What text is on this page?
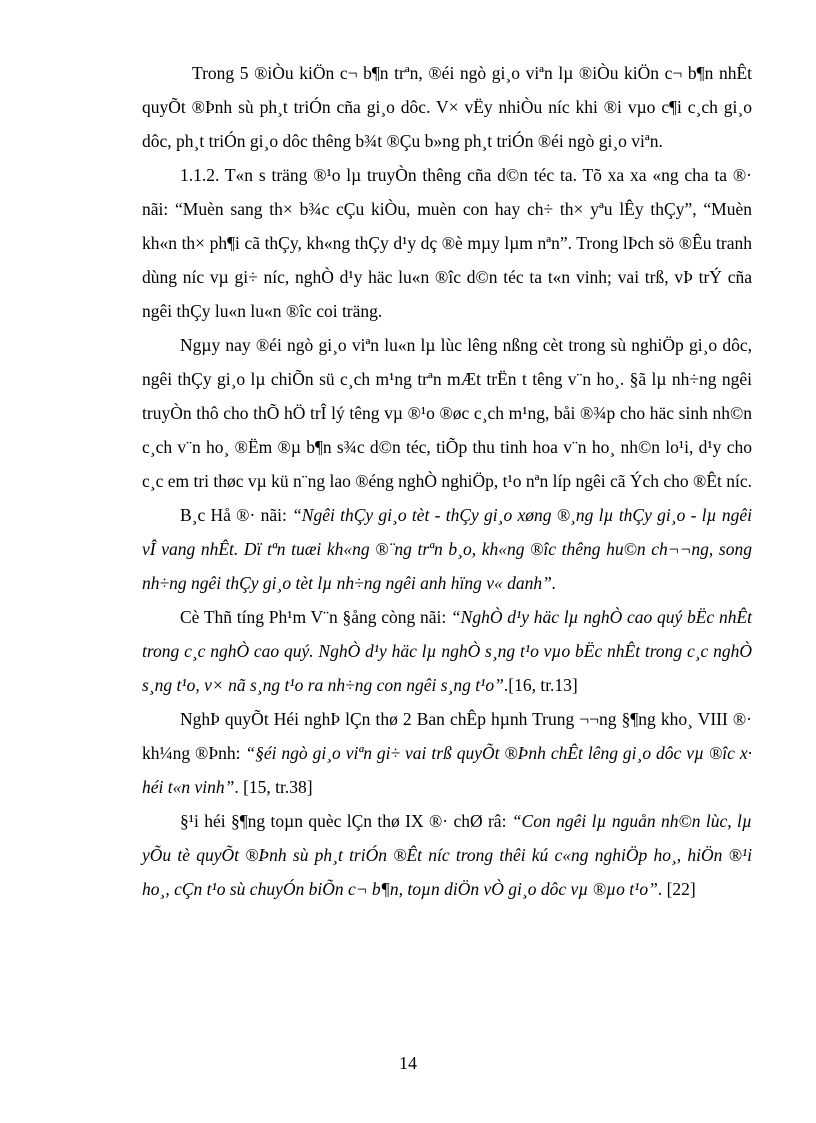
Trong 5 ®iÒu kiÖn c¬ b¶n trªn, ®éi ngò gi¸o viªn lµ ®iÒu kiÖn c¬ b¶n nhÊt quyÕt ®Þnh sù ph¸t triÓn cña gi¸o dôc. V× vËy nhiÒu níc khi ®i vµo c¶i c¸ch gi¸o dôc, ph¸t triÓn gi¸o dôc thêng b¾t ®Çu b»ng ph¸t triÓn ®éi ngò gi¸o viªn.

1.1.2. T«n s träng ®¹o lµ truyÒn thêng cña d©n téc ta. Tõ xa xa «ng cha ta ®· nãi: “Muèn sang th× b¾c cÇu kiÒu, muèn con hay ch÷ th× yªu lÊy thÇy”, “Muèn kh«n th× ph¶i cã thÇy, kh«ng thÇy d¹y dç ®è mµy lµm nªn”. Trong lÞch sö ®Êu tranh dùng níc vµ gi÷ níc, nghÒ d¹y häc lu«n ®îc d©n téc ta t«n vinh; vai trß, vÞ trÝ cña ngêi thÇy lu«n lu«n ®îc coi träng.

Ngµy nay ®éi ngò gi¸o viªn lu«n lµ lùc lêng nßng cèt trong sù nghiÖp gi¸o dôc, ngêi thÇy gi¸o lµ chiÕn sü c¸ch m¹ng trªn mÆt trËn t têng v¨n ho¸. §ã lµ nh÷ng ngêi truyÒn thô cho thÕ hÖ trÎ lý têng vµ ®¹o ®øc c¸ch m¹ng, båi ®¾p cho häc sinh nh©n c¸ch v¨n ho¸ ®Ëm ®µ b¶n s¾c d©n téc, tiÕp thu tinh hoa v¨n ho¸ nh©n lo¹i, d¹y cho c¸c em tri thøc vµ kü n¨ng lao ®éng nghÒ nghiÖp, t¹o nªn líp ngêi cã Ých cho ®Êt níc.

B¸c Hå ®· nãi: “Ngêi thÇy gi¸o tèt - thÇy gi¸o xøng ®¸ng lµ thÇy gi¸o - lµ ngêi vÎ vang nhÊt. Dï tªn tuæi kh«ng ®¨ng trªn b¸o, kh«ng ®îc thêng hu©n ch¬¬ng, song nh÷ng ngêi thÇy gi¸o tèt lµ nh÷ng ngêi anh hïng v« danh”.

Cè Thñ tíng Ph¹m V¨n §ång còng nãi: “NghÒ d¹y häc lµ nghÒ cao quý bËc nhÊt trong c¸c nghÒ cao quý. NghÒ d¹y häc lµ nghÒ s¸ng t¹o vµo bËc nhÊt trong c¸c nghÒ s¸ng t¹o, v× nã s¸ng t¹o ra nh÷ng con ngêi s¸ng t¹o”.[16, tr.13]

NghÞ quyÕt Héi nghÞ lÇn thø 2 Ban chÊp hµnh Trung ¬¬ng §¶ng kho¸ VIII ®· kh¼ng ®Þnh: “§éi ngò gi¸o viªn gi÷ vai trß quyÕt ®Þnh chÊt lêng gi¸o dôc vµ ®îc x· héi t«n vinh”. [15, tr.38]

§¹i héi §¶ng toµn quèc lÇn thø IX ®· chØ râ: “Con ngêi lµ nguån nh©n lùc, lµ yÕu tè quyÕt ®Þnh sù ph¸t triÓn ®Êt níc trong thêi kú c«ng nghiÖp ho¸, hiÖn ®¹i ho¸, cÇn t¹o sù chuyÓn biÕn c¬ b¶n, toµn diÖn vÒ gi¸o dôc vµ ®µo t¹o”. [22]

14
